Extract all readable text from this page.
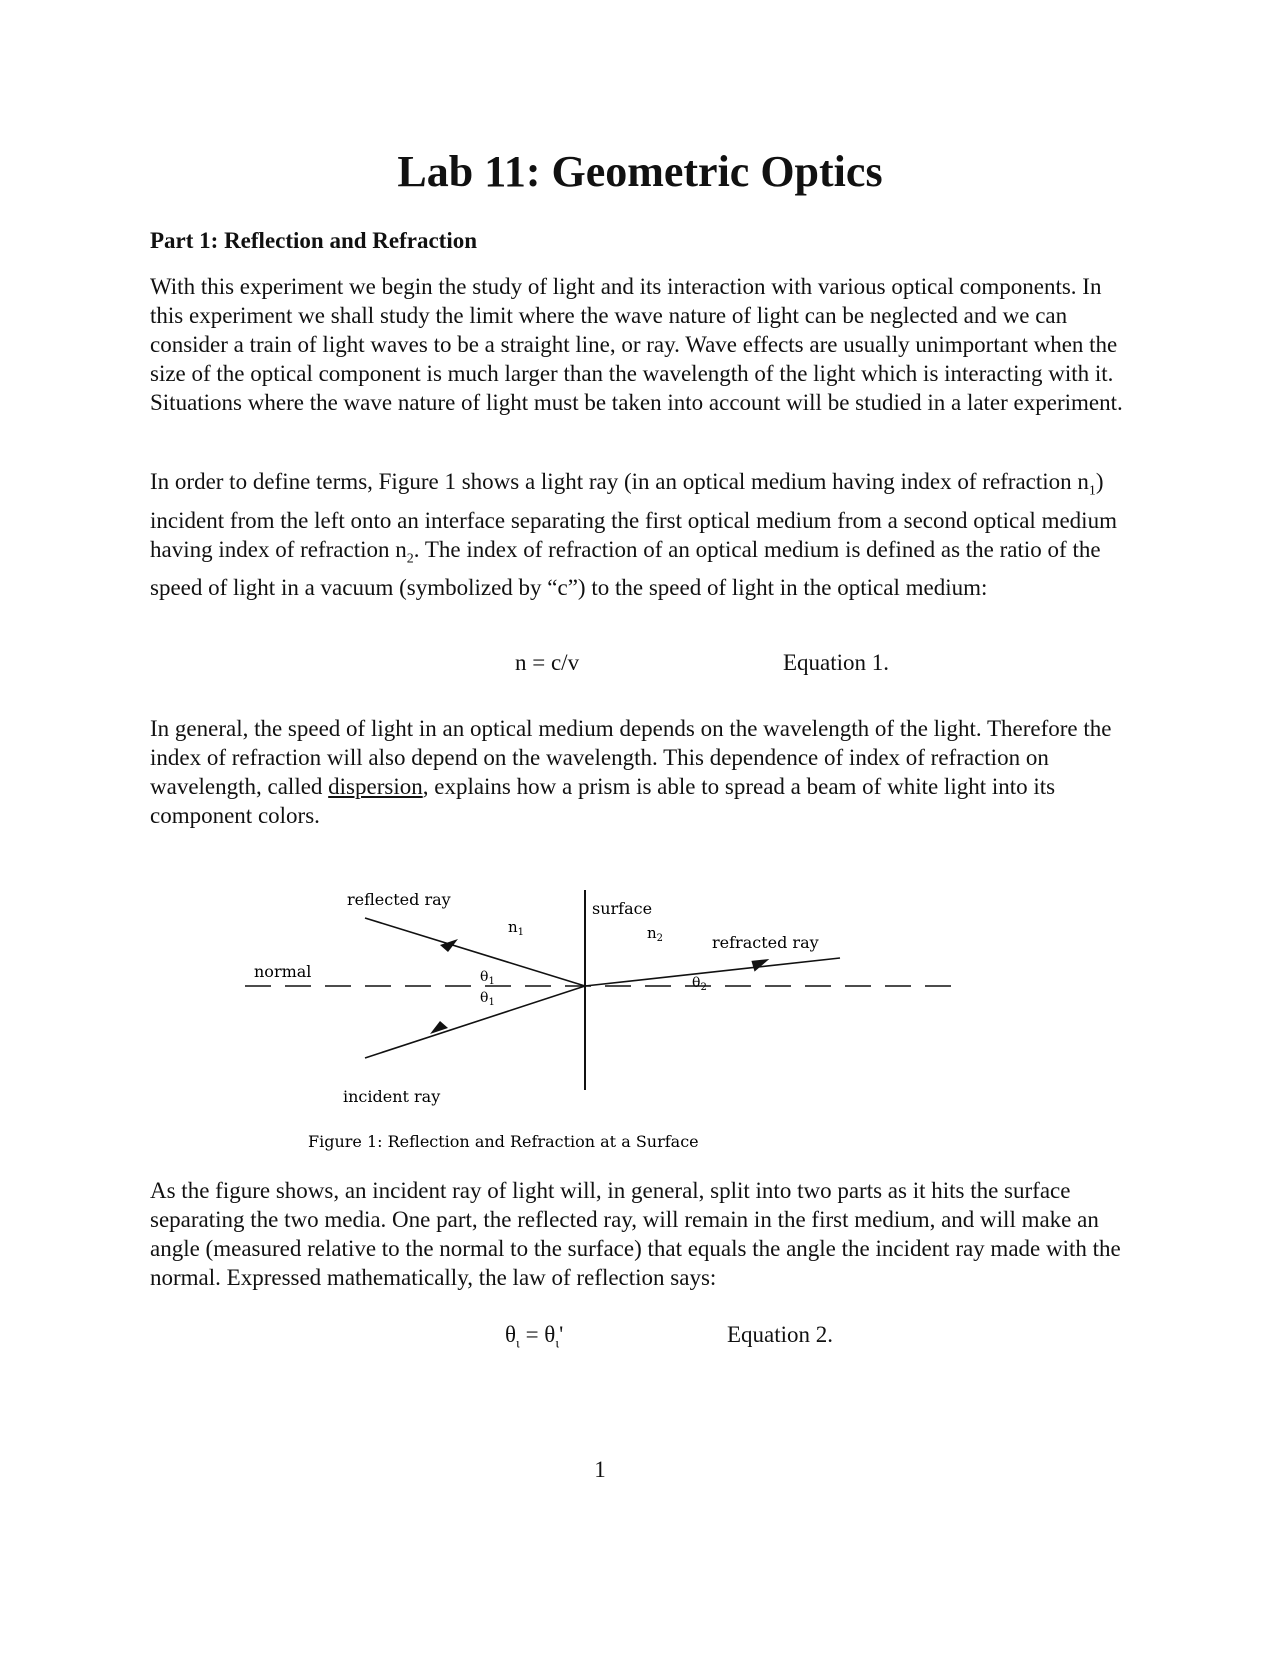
Lab 11: Geometric Optics
Part 1: Reflection and Refraction

With this experiment we begin the study of light and its interaction with various optical components. In this experiment we shall study the limit where the wave nature of light can be neglected and we can consider a train of light waves to be a straight line, or ray. Wave effects are usually unimportant when the size of the optical component is much larger than the wavelength of the light which is interacting with it. Situations where the wave nature of light must be taken into account will be studied in a later experiment.

In order to define terms, Figure 1 shows a light ray (in an optical medium having index of refraction $n_1$) incident from the left onto an interface separating the first optical medium from a second optical medium having index of refraction $n_2$. The index of refraction of an optical medium is defined as the ratio of the speed of light in a vacuum (symbolized by “c”) to the speed of light in the optical medium:

n = c/v	Equation 1.

In general, the speed of light in an optical medium depends on the wavelength of the light. Therefore the index of refraction will also depend on the wavelength. This dependence of index of refraction on wavelength, called dispersion, explains how a prism is able to spread a beam of white light into its component colors.

reflected ray	surface
$n_1$	$n_2$	refracted ray
normal	$\theta_1$
$\theta_1$
$\theta_2$
incident ray
Figure 1: Reflection and Refraction at a Surface

As the figure shows, an incident ray of light will, in general, split into two parts as it hits the surface separating the two media. One part, the reflected ray, will remain in the first medium, and will make an angle (measured relative to the normal to the surface) that equals the angle the incident ray made with the normal. Expressed mathematically, the law of reflection says:

$\theta_\iota = \theta_\iota'$	Equation 2.

1
